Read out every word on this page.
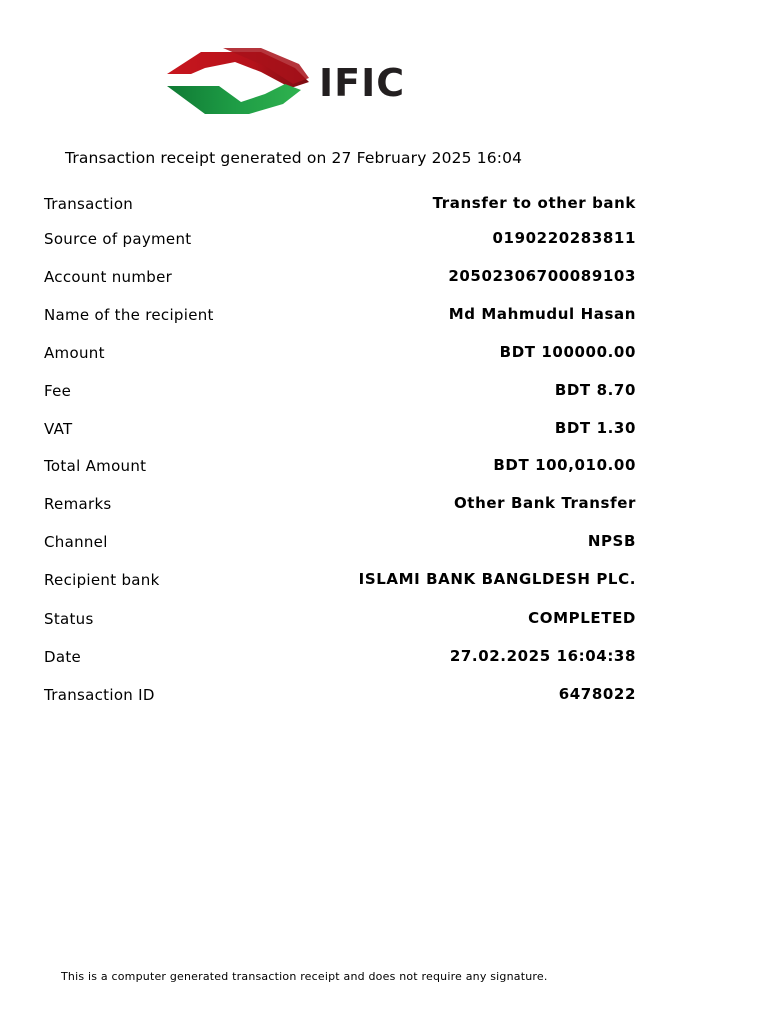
IFIC
Transaction receipt generated on 27 February 2025 16:04
Transaction	Transfer to other bank
Source of payment	0190220283811
Account number	20502306700089103
Name of the recipient	Md Mahmudul Hasan
Amount	BDT 100000.00
Fee	BDT 8.70
VAT	BDT 1.30
Total Amount	BDT 100,010.00
Remarks	Other Bank Transfer
Channel	NPSB
Recipient bank	ISLAMI BANK BANGLDESH PLC.
Status	COMPLETED
Date	27.02.2025 16:04:38
Transaction ID	6478022
This is a computer generated transaction receipt and does not require any signature.
